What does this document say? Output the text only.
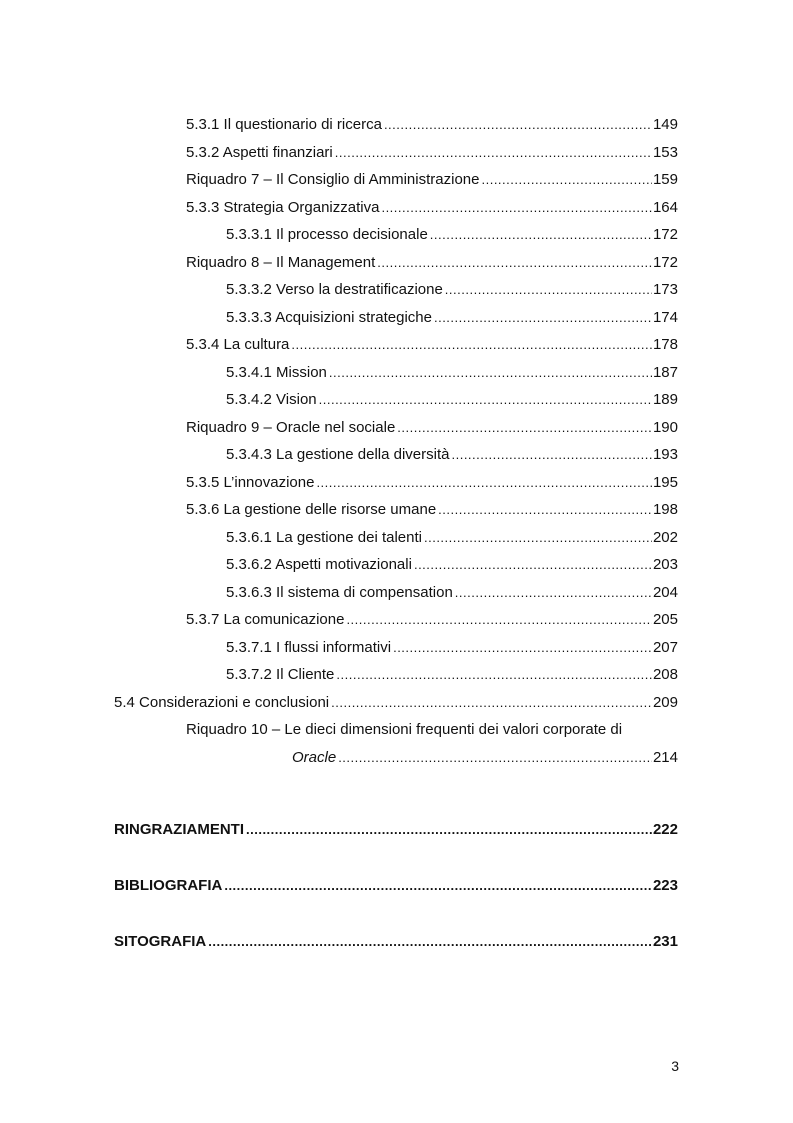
5.3.1 Il questionario di ricerca .....	149
5.3.2 Aspetti finanziari .....	153
Riquadro 7 – Il Consiglio di Amministrazione .....	159
5.3.3 Strategia Organizzativa .....	164
5.3.3.1 Il processo decisionale .....	172
Riquadro 8 – Il Management .....	172
5.3.3.2 Verso la destratificazione .....	173
5.3.3.3 Acquisizioni strategiche .....	174
5.3.4 La cultura .....	178
5.3.4.1 Mission .....	187
5.3.4.2 Vision .....	189
Riquadro 9 – Oracle nel sociale .....	190
5.3.4.3 La gestione della diversità .....	193
5.3.5 L’innovazione .....	195
5.3.6 La gestione delle risorse umane .....	198
5.3.6.1 La gestione dei talenti .....	202
5.3.6.2 Aspetti motivazionali .....	203
5.3.6.3 Il sistema di compensation .....	204
5.3.7 La comunicazione .....	205
5.3.7.1 I flussi informativi .....	207
5.3.7.2 Il Cliente .....	208
5.4 Considerazioni e conclusioni .....	209
Riquadro 10 – Le dieci dimensioni frequenti dei valori corporate di
Oracle .....	214
RINGRAZIAMENTI .....	222
BIBLIOGRAFIA .....	223
SITOGRAFIA .....	231
3
